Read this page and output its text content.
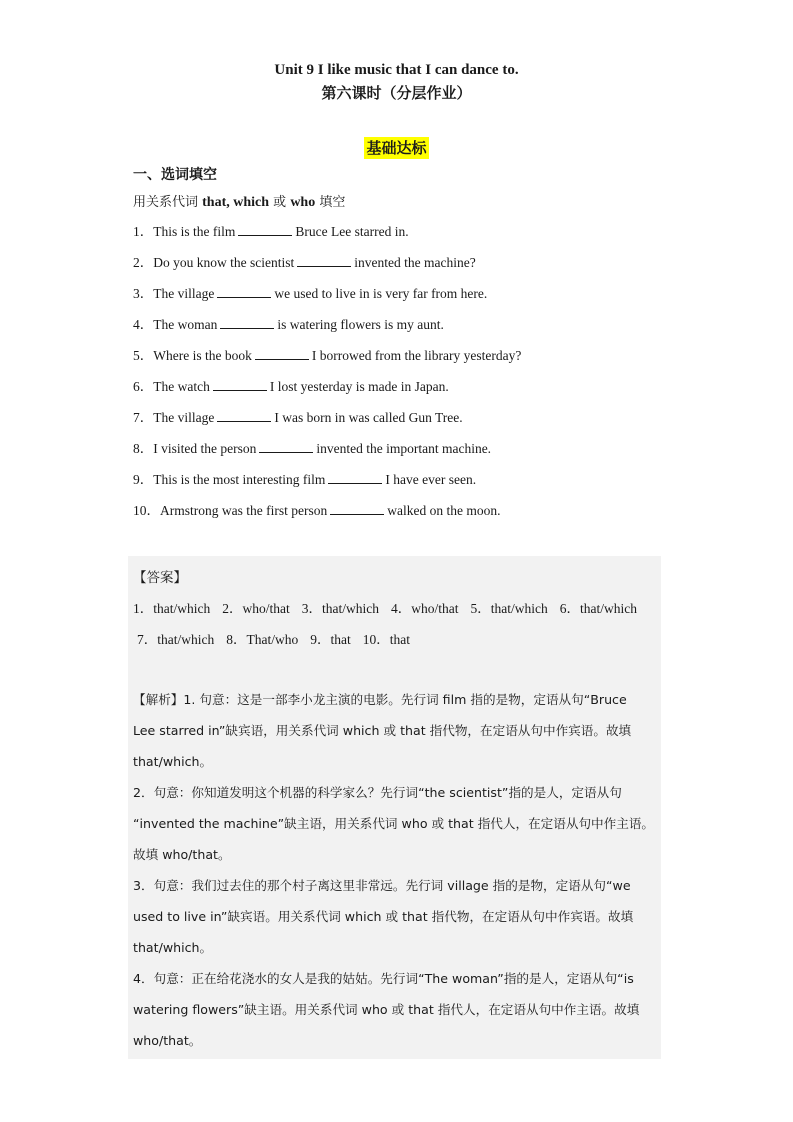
Unit 9 I like music that I can dance to.
第六课时（分层作业）
基础达标
一、选词填空
用关系代词 that, which 或 who 填空
1．This is the film	Bruce Lee starred in.
2．Do you know the scientist	invented the machine?
3．The village	we used to live in is very far from here.
4．The woman	is watering flowers is my aunt.
5．Where is the book	I borrowed from the library yesterday?
6．The watch	I lost yesterday is made in Japan.
7．The village	I was born in was called Gun Tree.
8．I visited the person	invented the important machine.
9．This is the most interesting film	I have ever seen.
10．Armstrong was the first person	walked on the moon.
【答案】
1．that/which 2．who/that 3．that/which 4．who/that 5．that/which 6．that/which
7．that/which 8．That/who 9．that 10．that
【解析】1. 句意：这是一部李小龙主演的电影。先行词 film 指的是物，定语从句“Bruce
Lee starred in”缺宾语，用关系代词 which 或 that 指代物，在定语从句中作宾语。故填
that/which。
2．句意：你知道发明这个机器的科学家么？先行词“the scientist”指的是人，定语从句
“invented the machine”缺主语，用关系代词 who 或 that 指代人，在定语从句中作主语。
故填 who/that。
3．句意：我们过去住的那个村子离这里非常远。先行词 village 指的是物，定语从句“we
used to live in”缺宾语。用关系代词 which 或 that 指代物，在定语从句中作宾语。故填
that/which。
4．句意：正在给花浇水的女人是我的姑姑。先行词“The woman”指的是人，定语从句“is
watering flowers”缺主语。用关系代词 who 或 that 指代人，在定语从句中作主语。故填
who/that。
